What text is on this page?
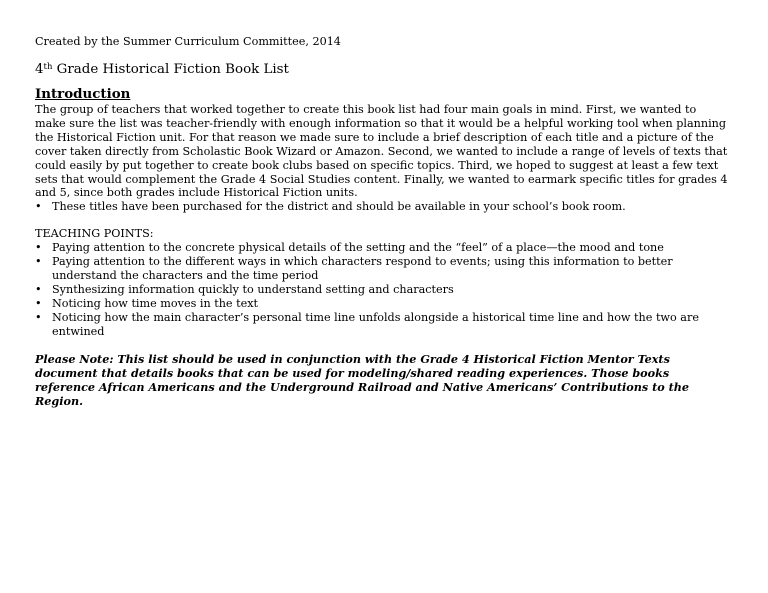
Created by the Summer Curriculum Committee, 2014

4th Grade Historical Fiction Book List
Introduction

The group of teachers that worked together to create this book list had four main goals in mind. First, we wanted to make sure the list was teacher-friendly with enough information so that it would be a helpful working tool when planning the Historical Fiction unit. For that reason we made sure to include a brief description of each title and a picture of the cover taken directly from Scholastic Book Wizard or Amazon. Second, we wanted to include a range of levels of texts that could easily by put together to create book clubs based on specific topics. Third, we hoped to suggest at least a few text sets that would complement the Grade 4 Social Studies content. Finally, we wanted to earmark specific titles for grades 4 and 5, since both grades include Historical Fiction units.

• These titles have been purchased for the district and should be available in your school’s book room.

TEACHING POINTS:

• Paying attention to the concrete physical details of the setting and the “feel” of a place—the mood and tone
• Paying attention to the different ways in which characters respond to events; using this information to better understand the characters and the time period
• Synthesizing information quickly to understand setting and characters
• Noticing how time moves in the text
• Noticing how the main character’s personal time line unfolds alongside a historical time line and how the two are entwined

Please Note: This list should be used in conjunction with the Grade 4 Historical Fiction Mentor Texts document that details books that can be used for modeling/shared reading experiences. Those books reference African Americans and the Underground Railroad and Native Americans’ Contributions to the Region.
